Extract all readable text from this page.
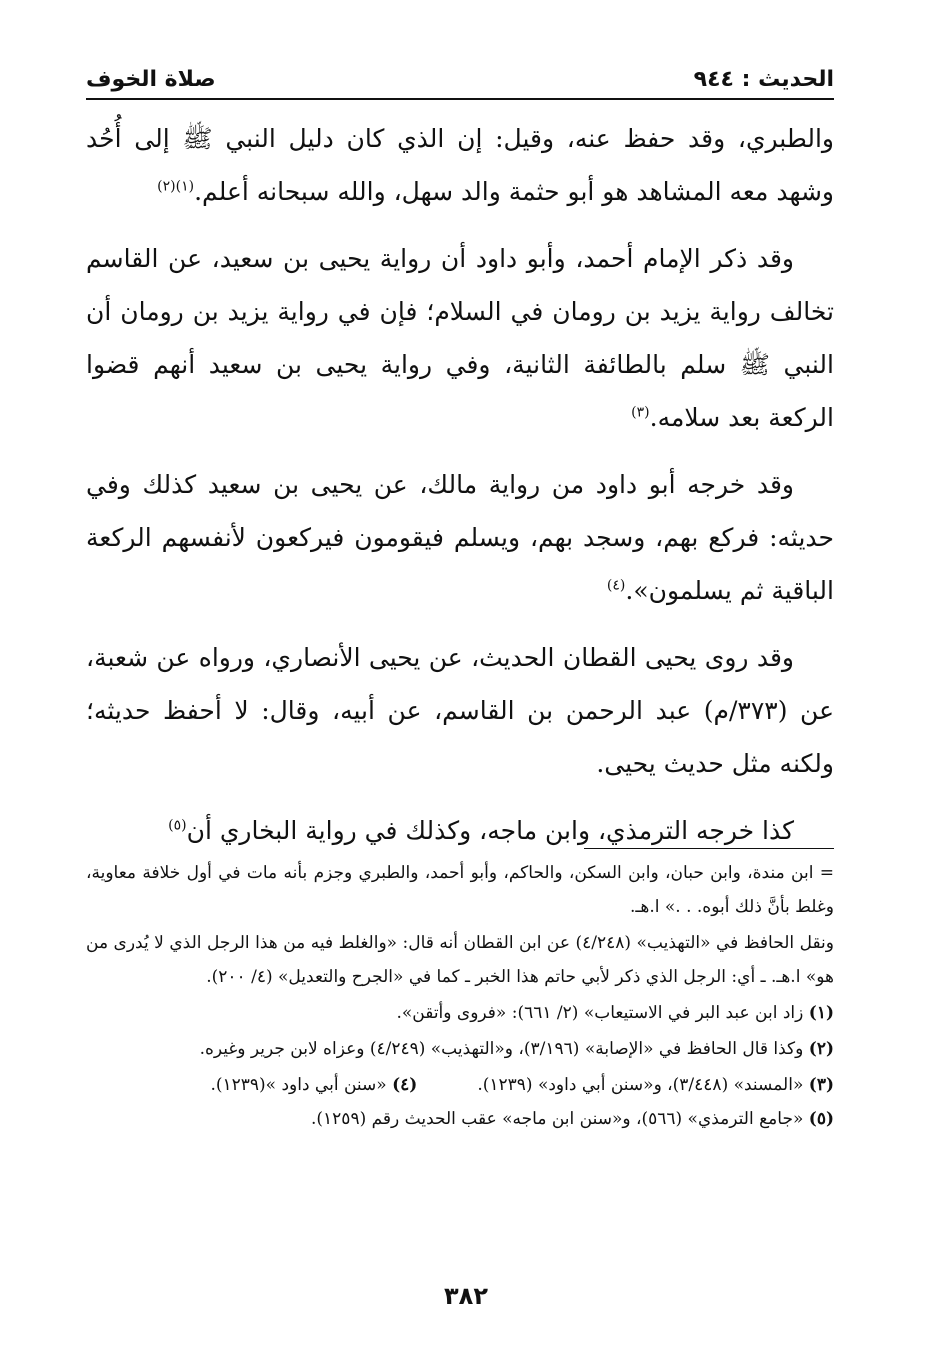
الحديث : ٩٤٤
صلاة الخوف

والطبري، وقد حفظ عنه، وقيل: إن الذي كان دليل النبي ﷺ إلى أُحُد وشهد معه المشاهد هو أبو حثمة والد سهل، والله سبحانه أعلم.$^{(١)(٢)}$

وقد ذكر الإمام أحمد، وأبو داود أن رواية يحيى بن سعيد، عن القاسم تخالف رواية يزيد بن رومان في السلام؛ فإن في رواية يزيد بن رومان أن النبي ﷺ سلم بالطائفة الثانية، وفي رواية يحيى بن سعيد أنهم قضوا الركعة بعد سلامه.$^{(٣)}$

وقد خرجه أبو داود من رواية مالك، عن يحيى بن سعيد كذلك وفي حديثه: فركع بهم، وسجد بهم، ويسلم فيقومون فيركعون لأنفسهم الركعة الباقية ثم يسلمون».$^{(٤)}$

وقد روى يحيى القطان الحديث، عن يحيى الأنصاري، ورواه عن شعبة، عن (٣٧٣/م) عبد الرحمن بن القاسم، عن أبيه، وقال: لا أحفظ حديثه؛ ولكنه مثل حديث يحيى.

كذا خرجه الترمذي، وابن ماجه، وكذلك في رواية البخاري أن$^{(٥)}$

= ابن مندة، وابن حبان، وابن السكن، والحاكم، وأبو أحمد، والطبري وجزم بأنه مات في أول خلافة معاوية، وغلط بأنَّ ذلك أبوه. . .» ا.هـ.

ونقل الحافظ في «التهذيب» (٤/٢٤٨) عن ابن القطان أنه قال: «والغلط فيه من هذا الرجل الذي لا يُدرى من هو» ا.هـ. ـ أي: الرجل الذي ذكر لأبي حاتم هذا الخبر ـ كما في «الجرح والتعديل» (٤/ ٢٠٠).

(١) زاد ابن عبد البر في الاستيعاب» (٢/ ٦٦١): «فروى وأتقن».

(٢) وكذا قال الحافظ في «الإصابة» (٣/١٩٦)، و«التهذيب» (٤/٢٤٩) وعزاه لابن جرير وغيره.

(٣) «المسند» (٣/٤٤٨)، و«سنن أبي داود» (١٢٣٩).
(٤) «سنن أبي داود »(١٢٣٩).

(٥) «جامع الترمذي» (٥٦٦)، و«سنن ابن ماجه» عقب الحديث رقم (١٢٥٩).

٣٨٢
